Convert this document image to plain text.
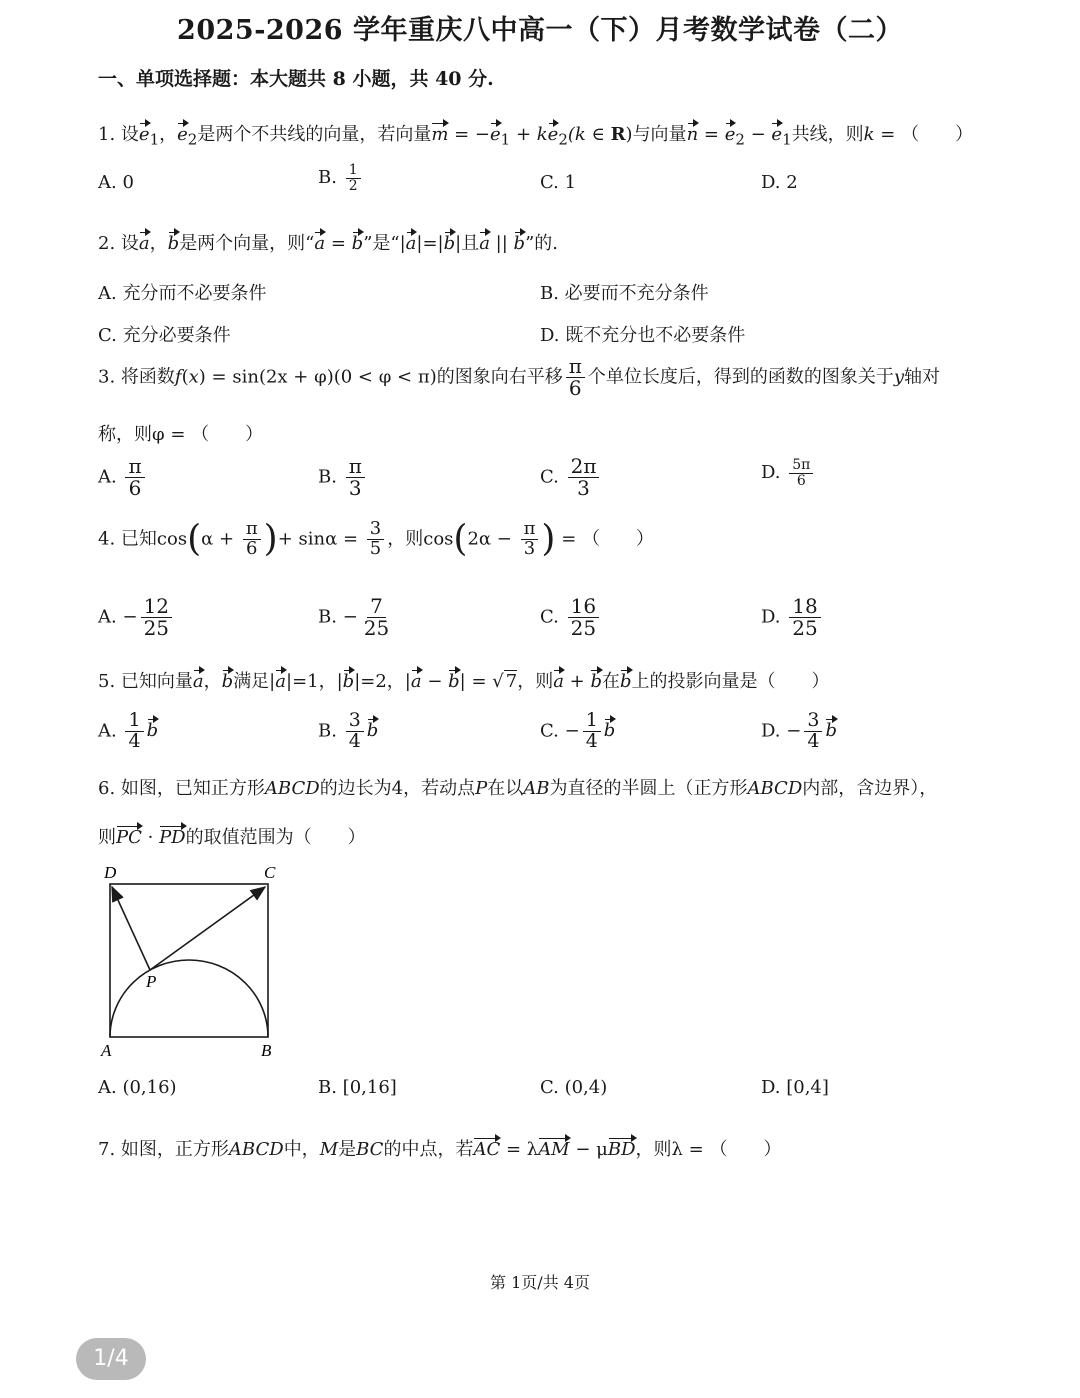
2025-2026 学年重庆八中高一（下）月考数学试卷（二）
一、单项选择题：本大题共 8 小题，共 40 分.
1. 设$e_1$，$e_2$是两个不共线的向量，若向量$m = -e_1 + ke_2(k$ ∈ R)与向量$n = e_2 - e_1$共线，则k = （　　）
A. 0	B. $\frac{1}{2}$	C. 1	D. 2
2. 设a，b是两个向量，则“a = b”是“|a|=|b|且a || b”的.
A. 充分而不必要条件	B. 必要而不充分条件
C. 充分必要条件	D. 既不充分也不必要条件
3. 将函数f(x) = sin(2x + φ)(0 < φ < π)的图象向右平移 $\frac{\pi}{6}$ 个单位长度后，得到的函数的图象关于y轴对
称，则φ = （　　）
A. $\frac{\pi}{6}$	B. $\frac{\pi}{3}$	C. $\frac{2\pi}{3}$	D. $\frac{5\pi}{6}$
4. 已知$\cos(\alpha + \frac{\pi}{6}$ )+ $\sin\alpha = \frac{3}{5}$ ，则$\cos(2\alpha - \frac{\pi}{3}$ ) = （　　）
A. − $\frac{12}{25}$	B. − $\frac{7}{25}$	C. $\frac{16}{25}$	D. $\frac{18}{25}$
5. 已知向量a，b满足|a|=1，|b|=2，|a − b| = √ 7，则a + b在b上的投影向量是（　　）
A. $\frac{1}{4}$ b	B. $\frac{3}{4}$ b	C. − $\frac{1}{4}$ b	D. − $\frac{3}{4}$ b
6. 如图，已知正方形ABCD的边长为4，若动点P在以AB为直径的半圆上（正方形ABCD内部，含边界），
则PC · PD的取值范围为（　　）
D	C
P
A	B
A. (0,16)	B. [0,16]	C. (0,4)	D. [0,4]
7. 如图，正方形ABCD中，M是BC的中点，若AC = λAM − μBD，则λ = （　　）
第 1页/共 4页
1/4
